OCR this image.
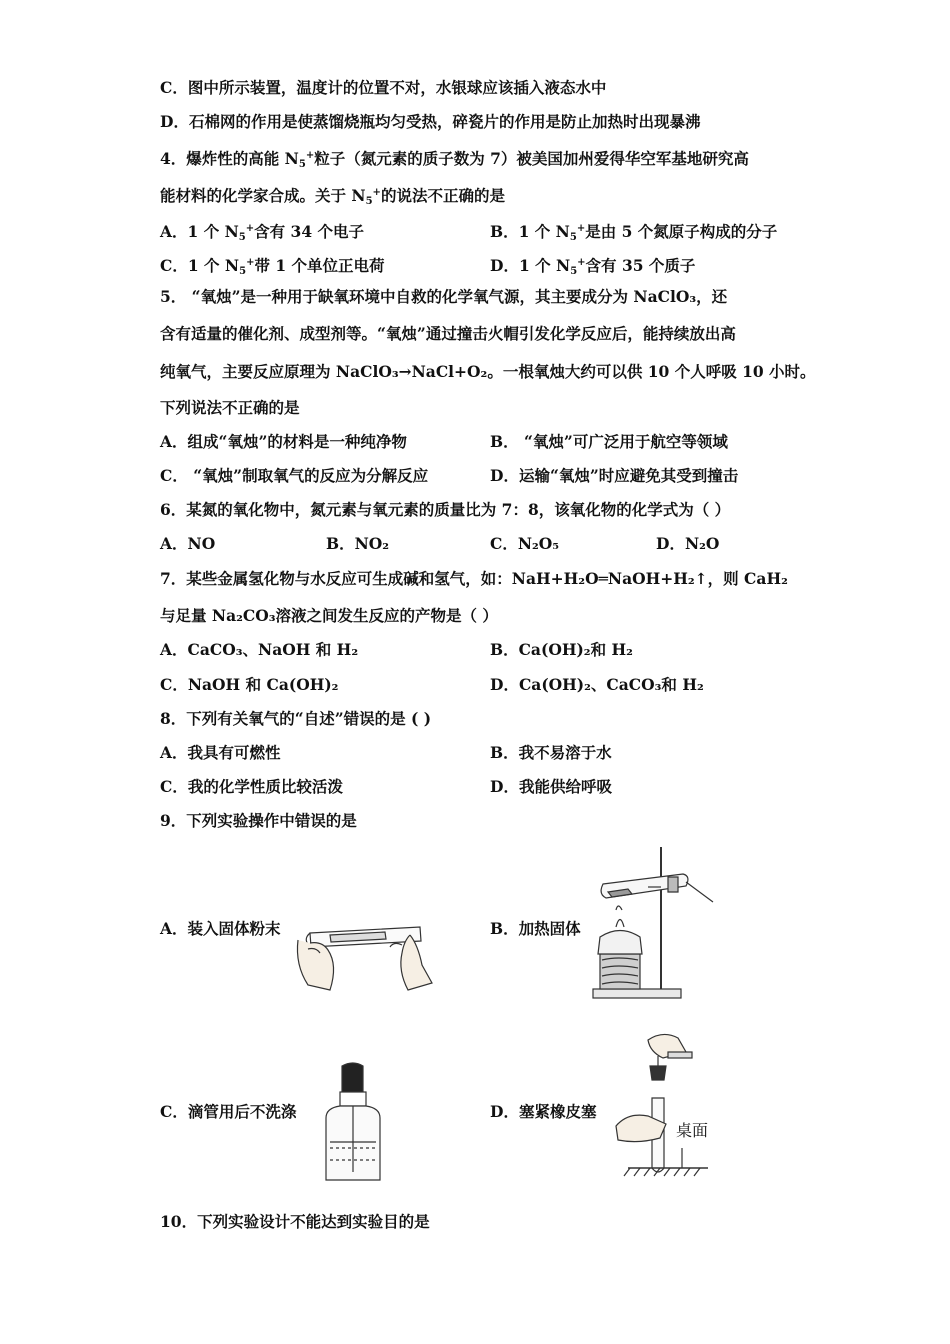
C．图中所示装置，温度计的位置不对，水银球应该插入液态水中
D．石棉网的作用是使蒸馏烧瓶均匀受热，碎瓷片的作用是防止加热时出现暴沸
4．爆炸性的高能 N5+粒子（氮元素的质子数为 7）被美国加州爱得华空军基地研究高
能材料的化学家合成。关于 N5+的说法不正确的是
A．1 个 N5+含有 34 个电子	B．1 个 N5+是由 5 个氮原子构成的分子
C．1 个 N5+带 1 个单位正电荷	D．1 个 N5+含有 35 个质子
5． “氧烛”是一种用于缺氧环境中自救的化学氧气源，其主要成分为 NaClO₃，还
含有适量的催化剂、成型剂等。“氧烛”通过撞击火帽引发化学反应后，能持续放出高
纯氧气，主要反应原理为 NaClO₃→NaCl+O₂。一根氧烛大约可以供 10 个人呼吸 10 小时。
下列说法不正确的是
A．组成“氧烛”的材料是一种纯净物	B． “氧烛”可广泛用于航空等领域
C． “氧烛”制取氧气的反应为分解反应	D．运输“氧烛”时应避免其受到撞击
6．某氮的氧化物中，氮元素与氧元素的质量比为 7：8，该氧化物的化学式为（ ）
A．NO	B．NO₂	C．N₂O₅	D．N₂O
7．某些金属氢化物与水反应可生成碱和氢气，如：NaH+H₂O═NaOH+H₂↑，则 CaH₂
与足量 Na₂CO₃溶液之间发生反应的产物是（ ）
A．CaCO₃、NaOH 和 H₂	B．Ca(OH)₂和 H₂
C．NaOH 和 Ca(OH)₂	D．Ca(OH)₂、CaCO₃和 H₂
8．下列有关氧气的“自述”错误的是 ( )
A．我具有可燃性	B．我不易溶于水
C．我的化学性质比较活泼	D．我能供给呼吸
9．下列实验操作中错误的是
A．装入固体粉末	B．加热固体
C．滴管用后不洗涤	D．塞紧橡皮塞
桌面
10．下列实验设计不能达到实验目的是
